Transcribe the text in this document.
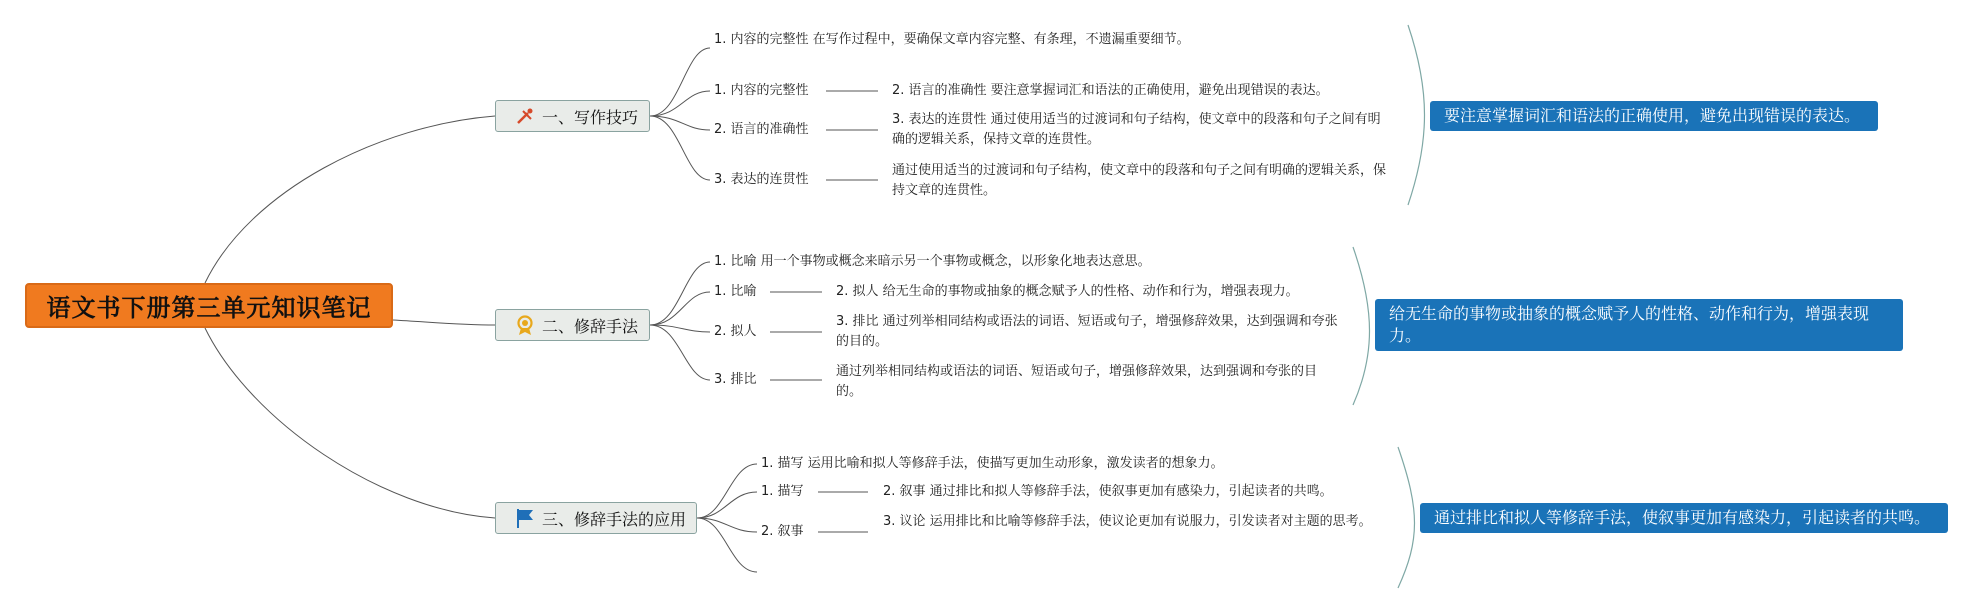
语文书下册第三单元知识笔记
一、写作技巧
1. 内容的完整性 在写作过程中，要确保文章内容完整、有条理，不遗漏重要细节。
1. 内容的完整性
2. 语言的准确性
3. 表达的连贯性
2. 语言的准确性 要注意掌握词汇和语法的正确使用，避免出现错误的表达。
3. 表达的连贯性 通过使用适当的过渡词和句子结构，使文章中的段落和句子之间有明确的逻辑关系，保持文章的连贯性。
通过使用适当的过渡词和句子结构，使文章中的段落和句子之间有明确的逻辑关系，保持文章的连贯性。
要注意掌握词汇和语法的正确使用，避免出现错误的表达。
二、修辞手法
1. 比喻 用一个事物或概念来暗示另一个事物或概念，以形象化地表达意思。
1. 比喻
2. 拟人
3. 排比
2. 拟人 给无生命的事物或抽象的概念赋予人的性格、动作和行为，增强表现力。
3. 排比 通过列举相同结构或语法的词语、短语或句子，增强修辞效果，达到强调和夸张的目的。
通过列举相同结构或语法的词语、短语或句子，增强修辞效果，达到强调和夸张的目的。
给无生命的事物或抽象的概念赋予人的性格、动作和行为，增强表现力。
三、修辞手法的应用
1. 描写 运用比喻和拟人等修辞手法，使描写更加生动形象，激发读者的想象力。
1. 描写
2. 叙事
2. 叙事 通过排比和拟人等修辞手法，使叙事更加有感染力，引起读者的共鸣。
3. 议论 运用排比和比喻等修辞手法，使议论更加有说服力，引发读者对主题的思考。	通过排比和拟人等修辞手法，使叙事更加有感染力，引起读者的共鸣。
